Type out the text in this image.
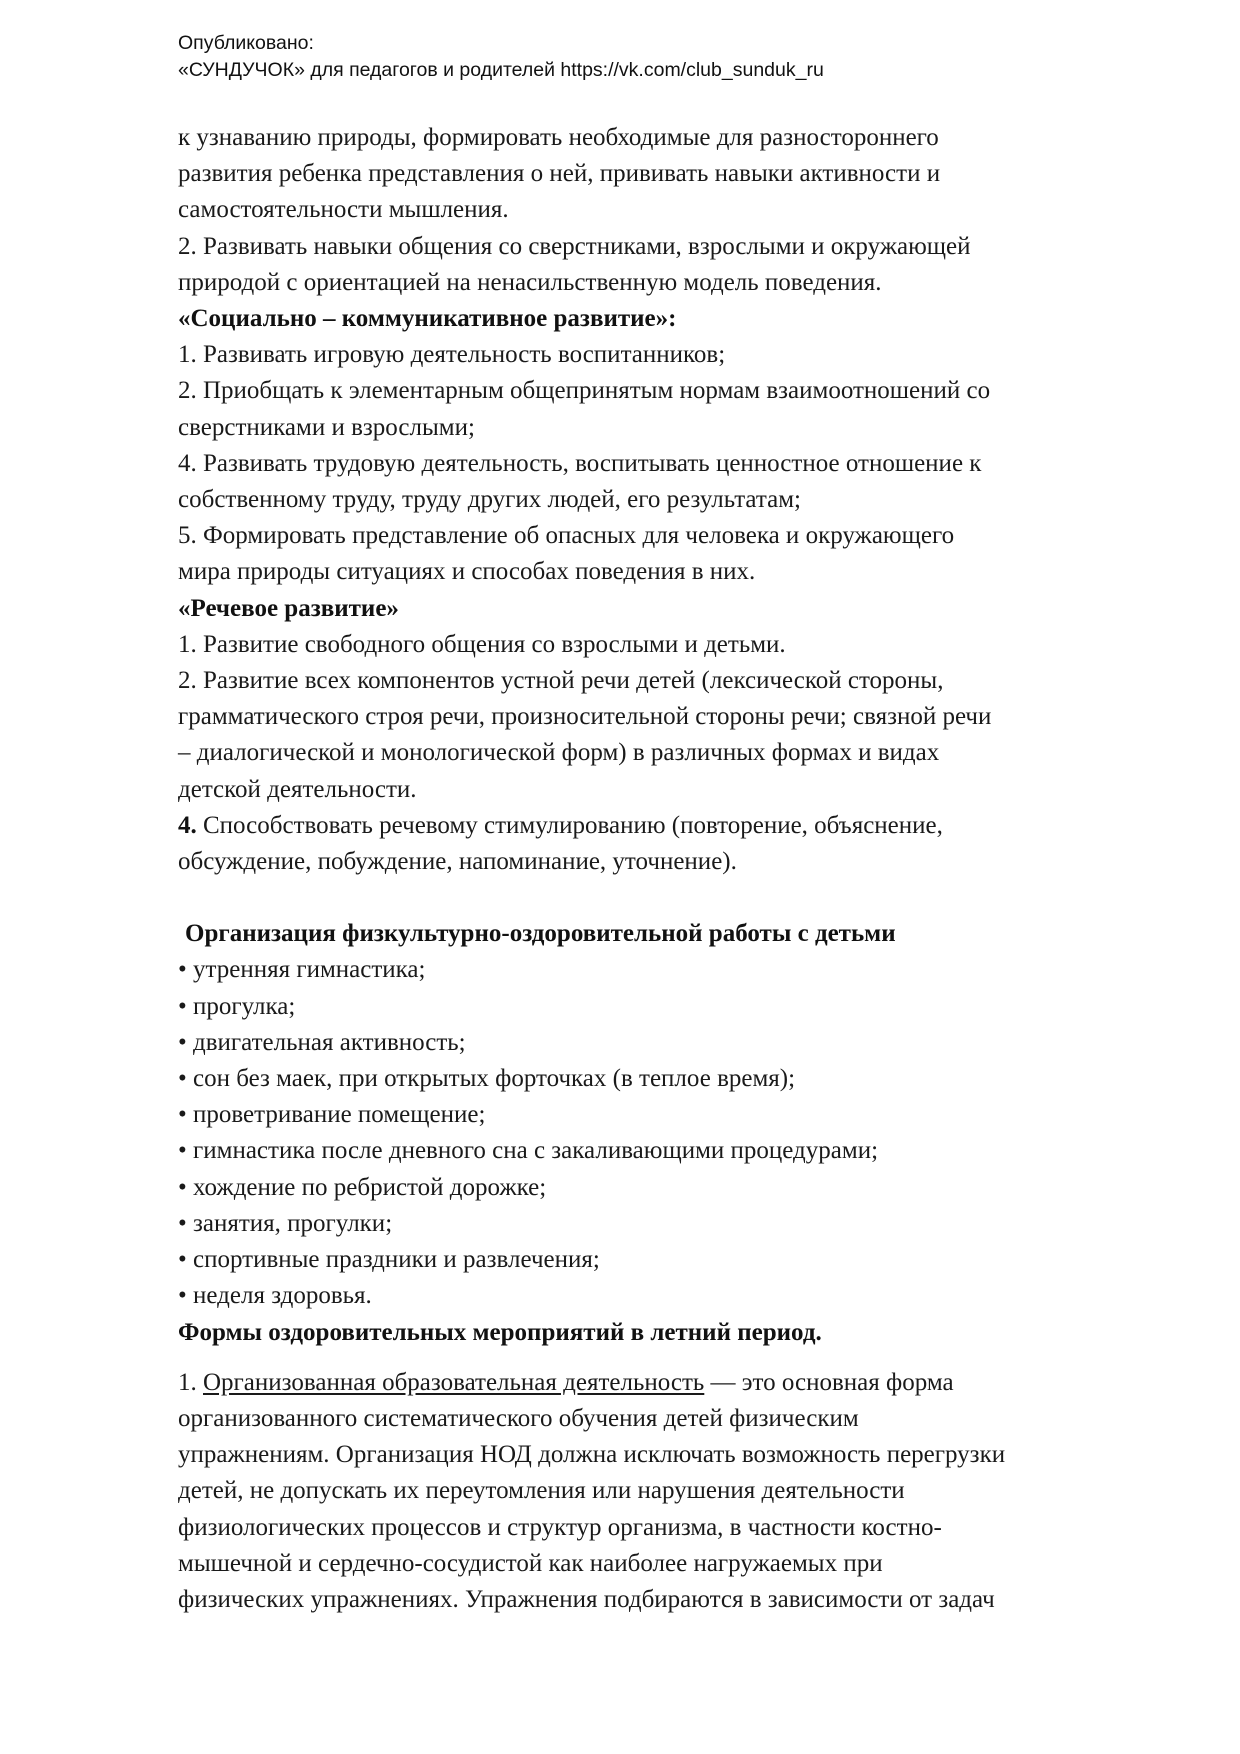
Опубликовано:
«СУНДУЧОК» для педагогов и родителей https://vk.com/club_sunduk_ru
к узнаванию природы, формировать необходимые для разностороннего
развития ребенка представления о ней, прививать навыки активности и
самостоятельности мышления.
2. Развивать навыки общения со сверстниками, взрослыми и окружающей
природой с ориентацией на ненасильственную модель поведения.
«Социально – коммуникативное развитие»:
1. Развивать игровую деятельность воспитанников;
2. Приобщать к элементарным общепринятым нормам взаимоотношений со
сверстниками и взрослыми;
4. Развивать трудовую деятельность, воспитывать ценностное отношение к
собственному труду, труду других людей, его результатам;
5. Формировать представление об опасных для человека и окружающего
мира природы ситуациях и способах поведения в них.
«Речевое развитие»
1. Развитие свободного общения со взрослыми и детьми.
2. Развитие всех компонентов устной речи детей (лексической стороны,
грамматического строя речи, произносительной стороны речи; связной речи
– диалогической и монологической форм) в различных формах и видах
детской деятельности.
4. Способствовать речевому стимулированию (повторение, объяснение,
обсуждение, побуждение, напоминание, уточнение).
Организация физкультурно-оздоровительной работы с детьми
• утренняя гимнастика;
• прогулка;
• двигательная активность;
• сон без маек, при открытых форточках (в теплое время);
• проветривание помещение;
• гимнастика после дневного сна с закаливающими процедурами;
• хождение по ребристой дорожке;
• занятия, прогулки;
• спортивные праздники и развлечения;
• неделя здоровья.
Формы оздоровительных мероприятий в летний период.
1. Организованная образовательная деятельность — это основная форма
организованного систематического обучения детей физическим
упражнениям. Организация НОД должна исключать возможность перегрузки
детей, не допускать их переутомления или нарушения деятельности
физиологических процессов и структур организма, в частности костно-
мышечной и сердечно-сосудистой как наиболее нагружаемых при
физических упражнениях. Упражнения подбираются в зависимости от задач
